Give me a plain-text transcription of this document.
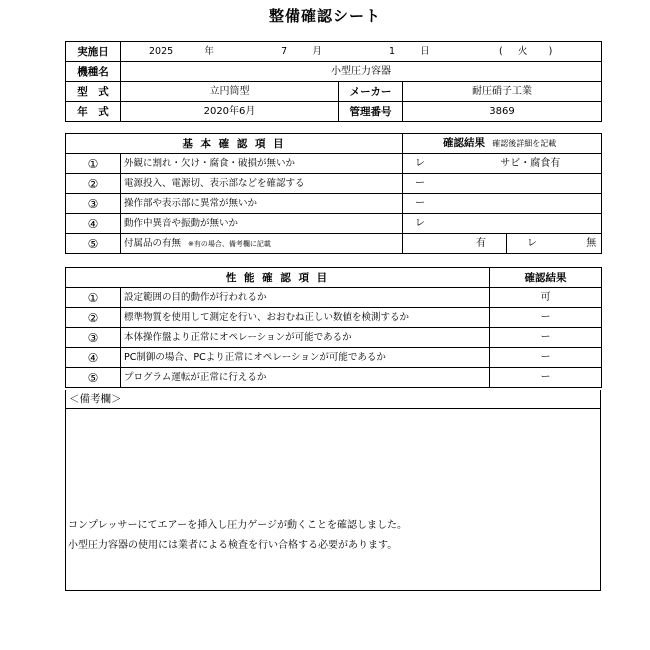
整備確認シート
実施日	2025 年 7 月 1 日 ( 火 )		
機種名	小型圧力容器		
型　式	立円筒型	メーカー	耐圧硝子工業
年　式	2020年6月	管理番号	3869
基 本 確 認 項 目		確認結果 確認後詳細を記載	
①	外観に割れ・欠け・腐食・破損が無いか	レ サビ・腐食有	
②	電源投入、電源切、表示部などを確認する	ー	
③	操作部や表示部に異常が無いか	ー	
④	動作中異音や振動が無いか	レ	
⑤	付属品の有無 ※有の場合、備考欄に記載	有	レ 無
性 能 確 認 項 目		確認結果
①	設定範囲の目的動作が行われるか	可
②	標準物質を使用して測定を行い、おおむね正しい数値を検測するか	ー
③	本体操作盤より正常にオペレーションが可能であるか	ー
④	PC制御の場合、PCより正常にオペレーションが可能であるか	ー
⑤	プログラム運転が正常に行えるか	ー
＜備考欄＞
コンプレッサーにてエアーを挿入し圧力ゲージが動くことを確認しました。
小型圧力容器の使用には業者による検査を行い合格する必要があります。
